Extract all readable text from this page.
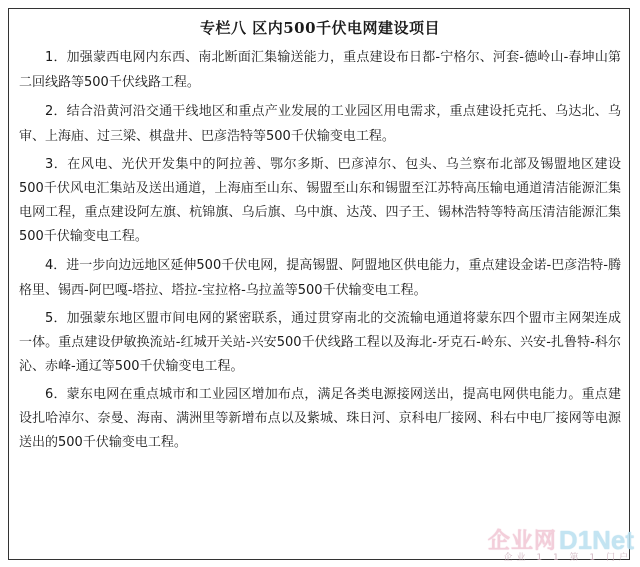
专栏八 区内500千伏电网建设项目

1．加强蒙西电网内东西、南北断面汇集输送能力，重点建设布日都-宁格尔、河套-德岭山-春坤山第二回线路等500千伏线路工程。

2．结合沿黄河沿交通干线地区和重点产业发展的工业园区用电需求，重点建设托克托、乌达北、乌审、上海庙、过三梁、棋盘井、巴彦浩特等500千伏输变电工程。

3．在风电、光伏开发集中的阿拉善、鄂尔多斯、巴彦淖尔、包头、乌兰察布北部及锡盟地区建设500千伏风电汇集站及送出通道，上海庙至山东、锡盟至山东和锡盟至江苏特高压输电通道清洁能源汇集电网工程，重点建设阿左旗、杭锦旗、乌后旗、乌中旗、达茂、四子王、锡林浩特等特高压清洁能源汇集500千伏输变电工程。

4．进一步向边远地区延伸500千伏电网，提高锡盟、阿盟地区供电能力，重点建设金诺-巴彦浩特-腾格里、锡西-阿巴嘎-塔拉、塔拉-宝拉格-乌拉盖等500千伏输变电工程。

5．加强蒙东地区盟市间电网的紧密联系，通过贯穿南北的交流输电通道将蒙东四个盟市主网架连成一体。重点建设伊敏换流站-红城开关站-兴安500千伏线路工程以及海北-牙克石-岭东、兴安-扎鲁特-科尔沁、赤峰-通辽等500千伏输变电工程。

6．蒙东电网在重点城市和工业园区增加布点，满足各类电源接网送出，提高电网供电能力。重点建设扎哈淖尔、奈曼、海南、满洲里等新增布点以及紫城、珠日河、京科电厂接网、科右中电厂接网等电源送出的500千伏输变电工程。

企业网 D1Net
企业 1 1 第 1 门户
